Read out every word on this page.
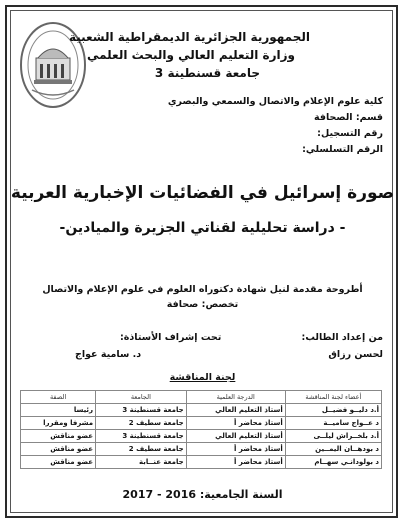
الجمهورية الجزائرية الديمقراطية الشعبية
وزارة التعليم العالي والبحث العلمي
جامعة قسنطينة 3
كلية علوم الإعلام والاتصال والسمعي والبصري
قسم: الصحافة
رقم التسجيل:
الرقم التسلسلي:
صورة إسرائيل في الفضائيات الإخبارية العربية
- دراسة تحليلية لقناتي الجزيرة والميادين-
أطروحة مقدمة لنيل شهادة دكتوراه العلوم في علوم الإعلام والاتصال
تخصص: صحافة
من إعداد الطالب:
تحت إشراف الأستاذة:
لحسن رزاق
د. سامية عواج
لجنة المناقشة
أعضاء لجنة المناقشة	الدرجة العلمية	الجامعة	الصفة
أ.د دليــو فضيــل	أستاذ التعليم العالي	جامعة قسنطينة 3	رئيسا
د عــواج ساميــة	أستاذ محاضر أ	جامعة سطيف 2	مشرفا ومقررا
أ.د بلخــراش ليلــى	أستاذ التعليم العالي	جامعة قسنطينة 3	عضو مناقش
د بودهــان اليمــين	أستاذ محاضر أ	جامعة سطيف 2	عضو مناقش
د بولودانـي سهــام	أستاذ محاضر أ	جامعة عنــابة	عضو مناقش
السنة الجامعية: 2016 - 2017
